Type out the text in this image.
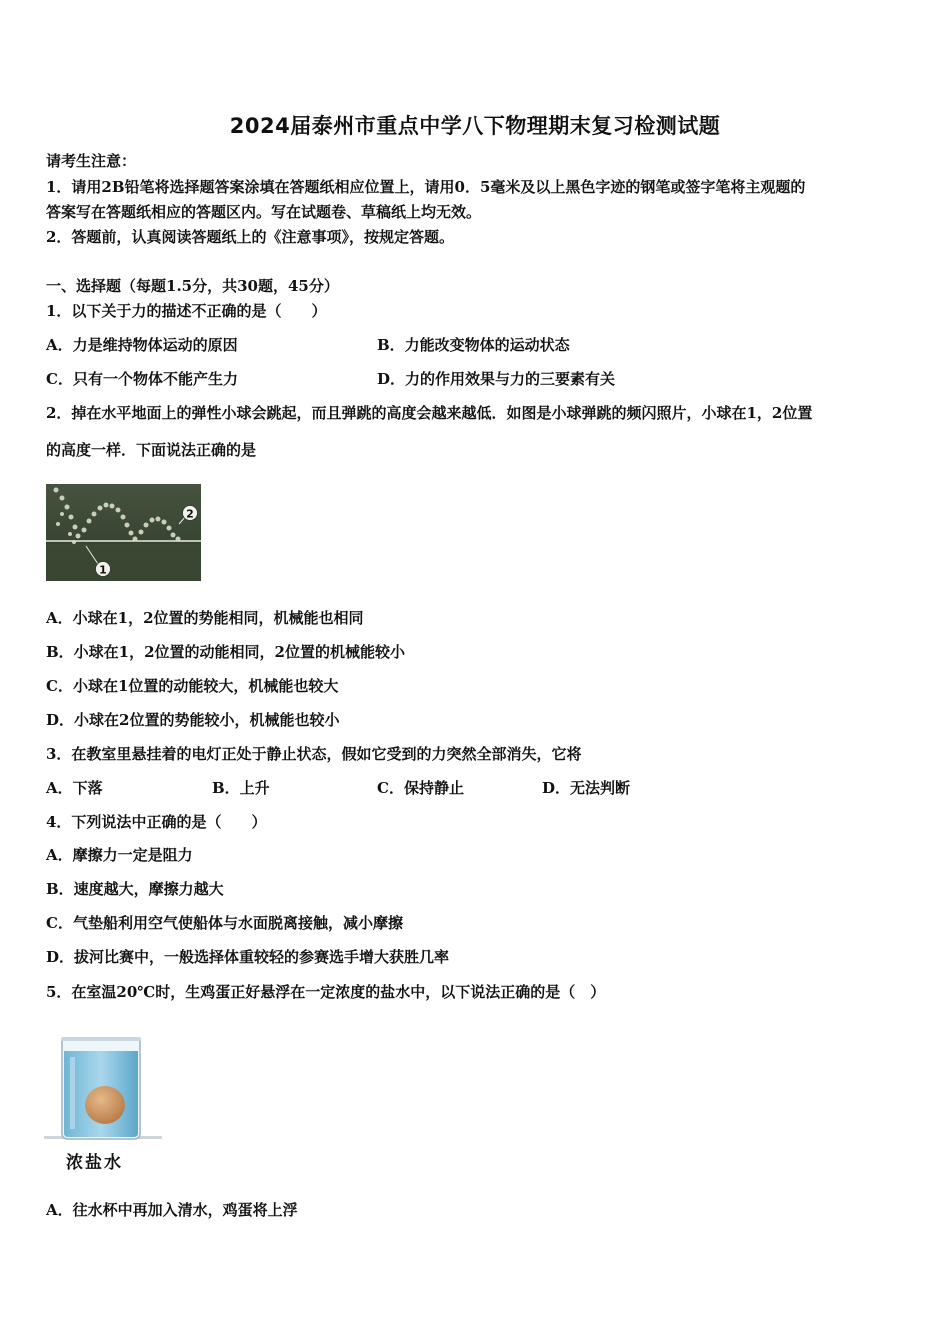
2024届泰州市重点中学八下物理期末复习检测试题
请考生注意：
1．请用2B铅笔将选择题答案涂填在答题纸相应位置上，请用0．5毫米及以上黑色字迹的钢笔或签字笔将主观题的
答案写在答题纸相应的答题区内。写在试题卷、草稿纸上均无效。
2．答题前，认真阅读答题纸上的《注意事项》，按规定答题。
一、选择题（每题1.5分，共30题，45分）
1．以下关于力的描述不正确的是（　　）
A．力是维持物体运动的原因	B．力能改变物体的运动状态
C．只有一个物体不能产生力	D．力的作用效果与力的三要素有关
2．掉在水平地面上的弹性小球会跳起，而且弹跳的高度会越来越低．如图是小球弹跳的频闪照片，小球在1，2位置
的高度一样．下面说法正确的是
1
2
A．小球在1，2位置的势能相同，机械能也相同
B．小球在1，2位置的动能相同，2位置的机械能较小
C．小球在1位置的动能较大，机械能也较大
D．小球在2位置的势能较小，机械能也较小
3．在教室里悬挂着的电灯正处于静止状态，假如它受到的力突然全部消失，它将
A．下落	B．上升	C．保持静止	D．无法判断
4．下列说法中正确的是（　　）
A．摩擦力一定是阻力
B．速度越大，摩擦力越大
C．气垫船利用空气使船体与水面脱离接触，减小摩擦
D．拔河比赛中，一般选择体重较轻的参赛选手增大获胜几率
5．在室温20℃时，生鸡蛋正好悬浮在一定浓度的盐水中，以下说法正确的是（　）
浓盐水
A．往水杯中再加入清水，鸡蛋将上浮
